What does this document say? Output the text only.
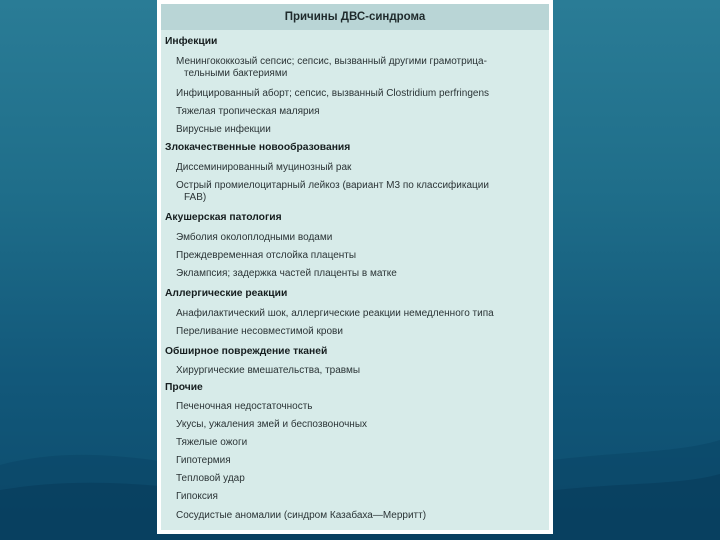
Причины ДВС-синдрома
Инфекции
Менингококкозый сепсис; сепсис, вызванный другими грамотрица-
тельными бактериями
Инфицированный аборт; сепсис, вызванный Clostridium perfringens
Тяжелая тропическая малярия
Вирусные инфекции
Злокачественные новообразования
Диссеминированный муцинозный рак
Острый промиелоцитарный лейкоз (вариант М3 по классификации
FAB)
Акушерская патология
Эмболия околоплодными водами
Преждевременная отслойка плаценты
Эклампсия; задержка частей плаценты в матке
Аллергические реакции
Анафилактический шок, аллергические реакции немедленного типа
Переливание несовместимой крови
Обширное повреждение тканей
Хирургические вмешательства, травмы
Прочие
Печеночная недостаточность
Укусы, ужаления змей и беспозвоночных
Тяжелые ожоги
Гипотермия
Тепловой удар
Гипоксия
Сосудистые аномалии (синдром Казабаха—Мерритт)
